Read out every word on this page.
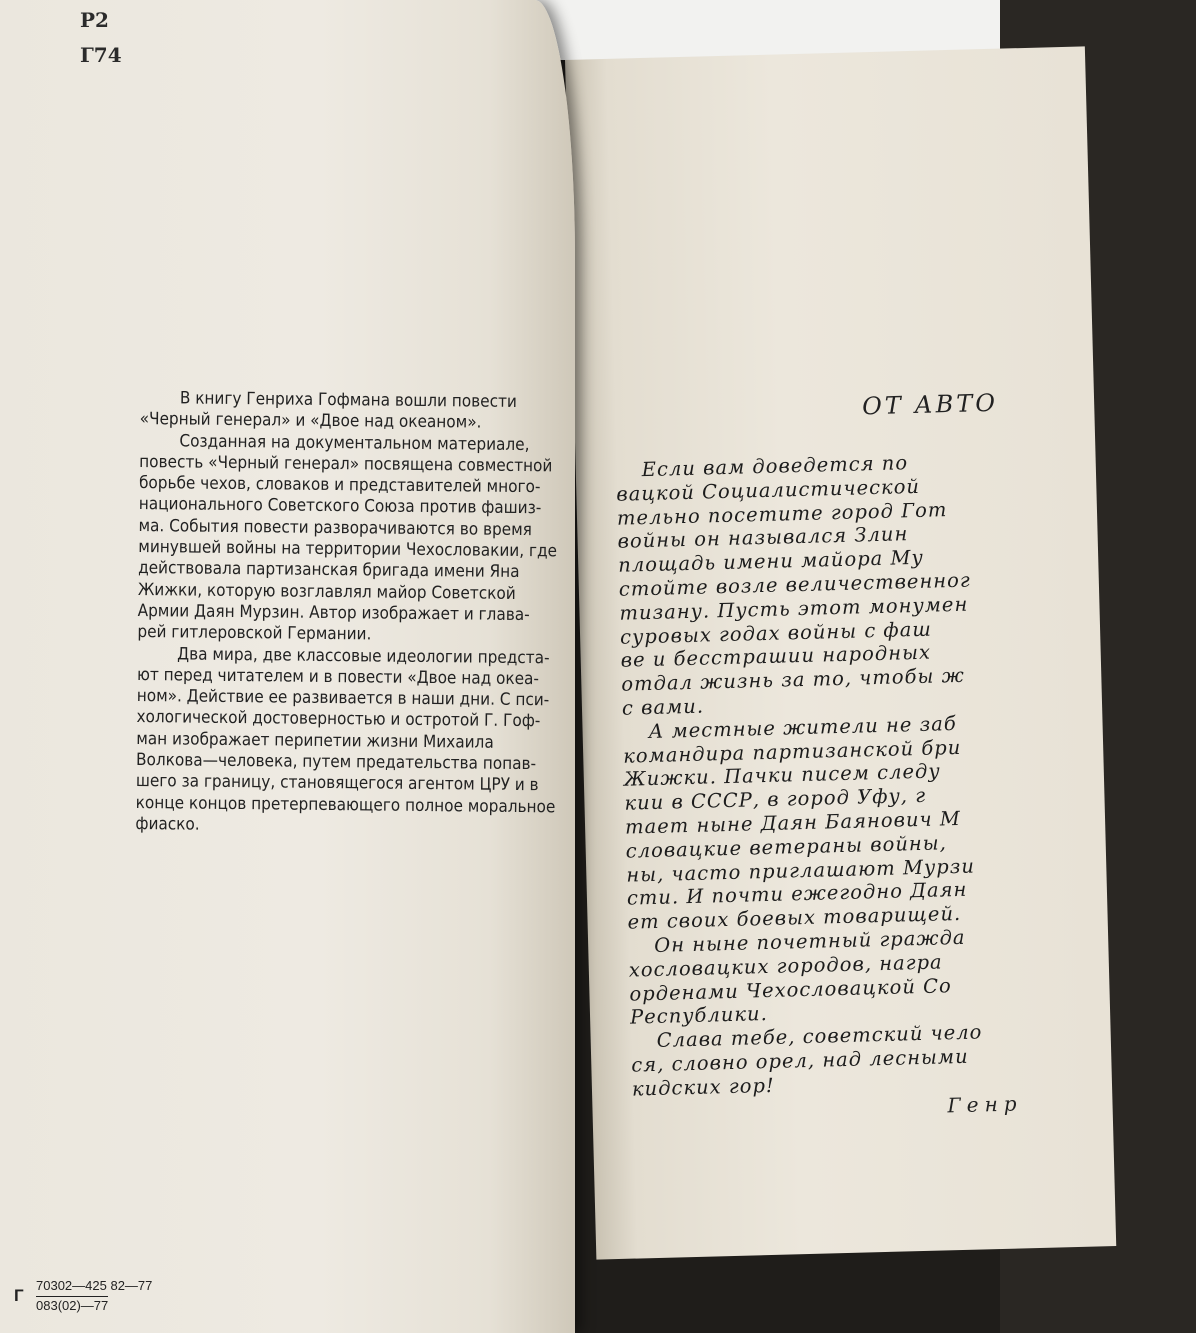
ОТ АВТО
Если вам доведется по
вацкой Социалистической
тельно посетите город Гот
войны он назывался Злин
площадь имени майора Му
стойте возле величественног
тизану. Пусть этот монумен
суровых годах войны с фаш
ве и бесстрашии народных
отдал жизнь за то, чтобы ж
с вами.
А местные жители не заб
командира партизанской бри
Жижки. Пачки писем следу
кии в СССР, в город Уфу, г
тает ныне Даян Баянович М
словацкие ветераны войны,
ны, часто приглашают Мурзи
сти. И почти ежегодно Даян
ет своих боевых товарищей.
Он ныне почетный гражда
хословацких городов, награ
орденами Чехословацкой Со
Республики.
Слава тебе, советский чело
ся, словно орел, над лесными
кидских гор!
Генр
Р2
Г74
В книгу Генриха Гофмана вошли повести
«Черный генерал» и «Двое над океаном».
Созданная на документальном материале,
повесть «Черный генерал» посвящена совместной
борьбе чехов, словаков и представителей много-
национального Советского Союза против фашиз-
ма. События повести разворачиваются во время
минувшей войны на территории Чехословакии, где
действовала партизанская бригада имени Яна
Жижки, которую возглавлял майор Советской
Армии Даян Мурзин. Автор изображает и глава-
рей гитлеровской Германии.
Два мира, две классовые идеологии предста-
ют перед читателем и в повести «Двое над океа-
ном». Действие ее развивается в наши дни. С пси-
хологической достоверностью и остротой Г. Гоф-
ман изображает перипетии жизни Михаила
Волкова—человека, путем предательства попав-
шего за границу, становящегося агентом ЦРУ и в
конце концов претерпевающего полное моральное
фиаско.
Г
70302—425 82—77
083(02)—77
